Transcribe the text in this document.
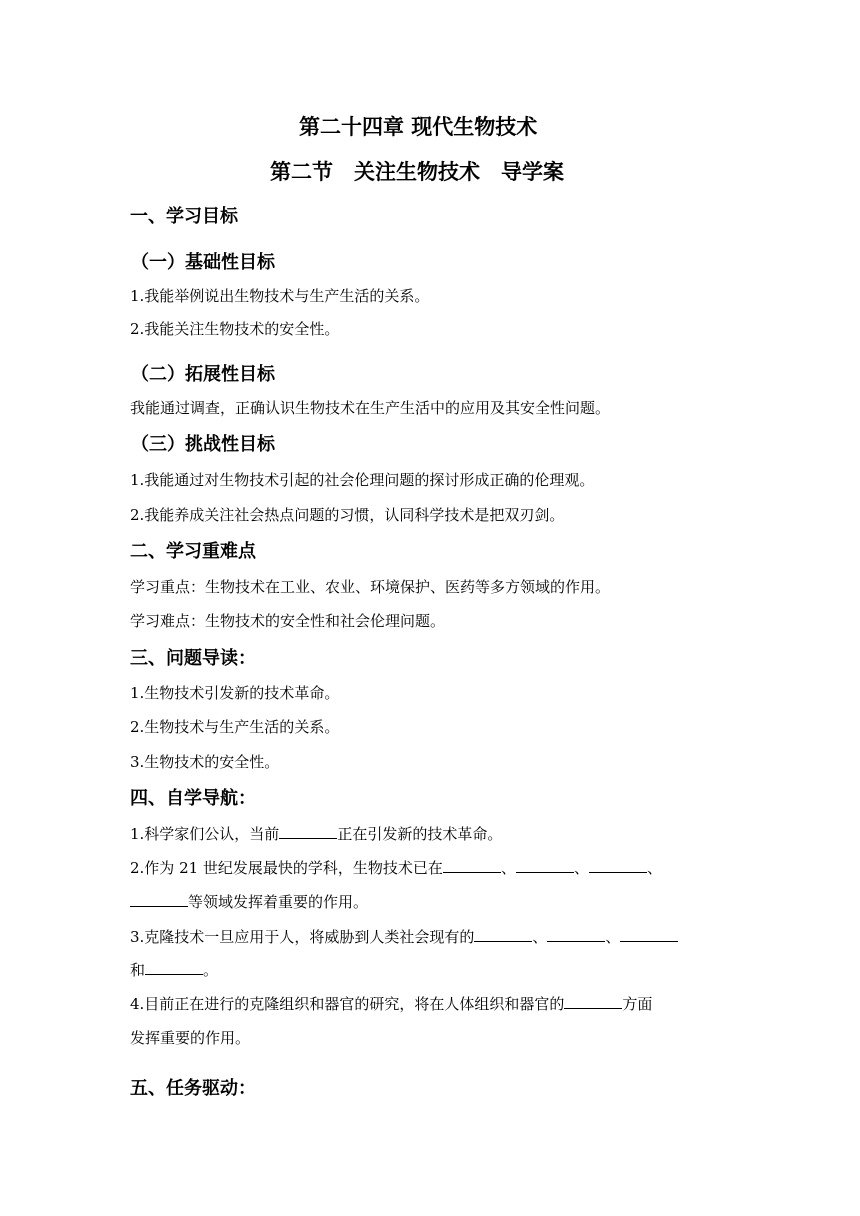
第二十四章 现代生物技术
第二节　关注生物技术　导学案
一、学习目标
（一）基础性目标
1.我能举例说出生物技术与生产生活的关系。
2.我能关注生物技术的安全性。
（二）拓展性目标
我能通过调查，正确认识生物技术在生产生活中的应用及其安全性问题。
（三）挑战性目标
1.我能通过对生物技术引起的社会伦理问题的探讨形成正确的伦理观。
2.我能养成关注社会热点问题的习惯，认同科学技术是把双刃剑。
二、学习重难点
学习重点：生物技术在工业、农业、环境保护、医药等多方领域的作用。
学习难点：生物技术的安全性和社会伦理问题。
三、问题导读：
1.生物技术引发新的技术革命。
2.生物技术与生产生活的关系。
3.生物技术的安全性。
四、自学导航：
1.科学家们公认，当前	正在引发新的技术革命。
2.作为 21 世纪发展最快的学科，生物技术已在	、	、	、
等领域发挥着重要的作用。
3.克隆技术一旦应用于人，将威胁到人类社会现有的	、	、
和	。
4.目前正在进行的克隆组织和器官的研究，将在人体组织和器官的	方面
发挥重要的作用。
五、任务驱动：
